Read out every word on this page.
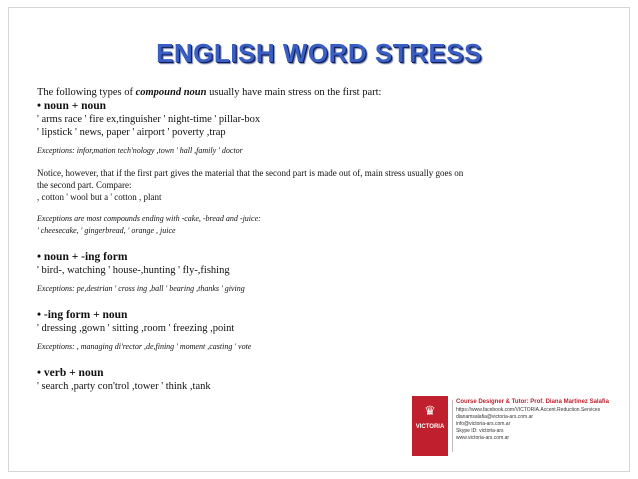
ENGLISH WORD STRESS
The following types of compound noun usually have main stress on the first part:
• noun + noun
' arms race ' fire ex,tinguisher ' night-time ' pillar-box
' lipstick ' news, paper ' airport ' poverty ,trap
Exceptions: infor,mation tech'nology ,town ' hall ,family ' doctor
Notice, however, that if the first part gives the material that the second part is made out of, main stress usually goes on
the second part. Compare:
, cotton ' wool but a ' cotton , plant
Exceptions are most compounds ending with -cake, -bread and -juice:
' cheesecake, ' gingerbread, ' orange , juice
• noun + -ing form
' bird-, watching ' house-,hunting ' fly-,fishing
Exceptions: pe,destrian ' cross ing ,ball ' bearing ,thanks ' giving
• -ing form + noun
' dressing ,gown ' sitting ,room ' freezing ,point
Exceptions: , managing di'rector ,de,fining ' moment ,casting ' vote
• verb + noun
' search ,party con'trol ,tower ' think ,tank
♛
VICTORIA
Course Designer & Tutor: Prof. Diana Martinez Salafia
https://www.facebook.com/VICTORIA.Accent.Reduction.Services
dianamsalafia@victoria-ars.com.ar
info@victoria-ars.com.ar
Skype ID: victoria-ars
www.victoria-ars.com.ar
